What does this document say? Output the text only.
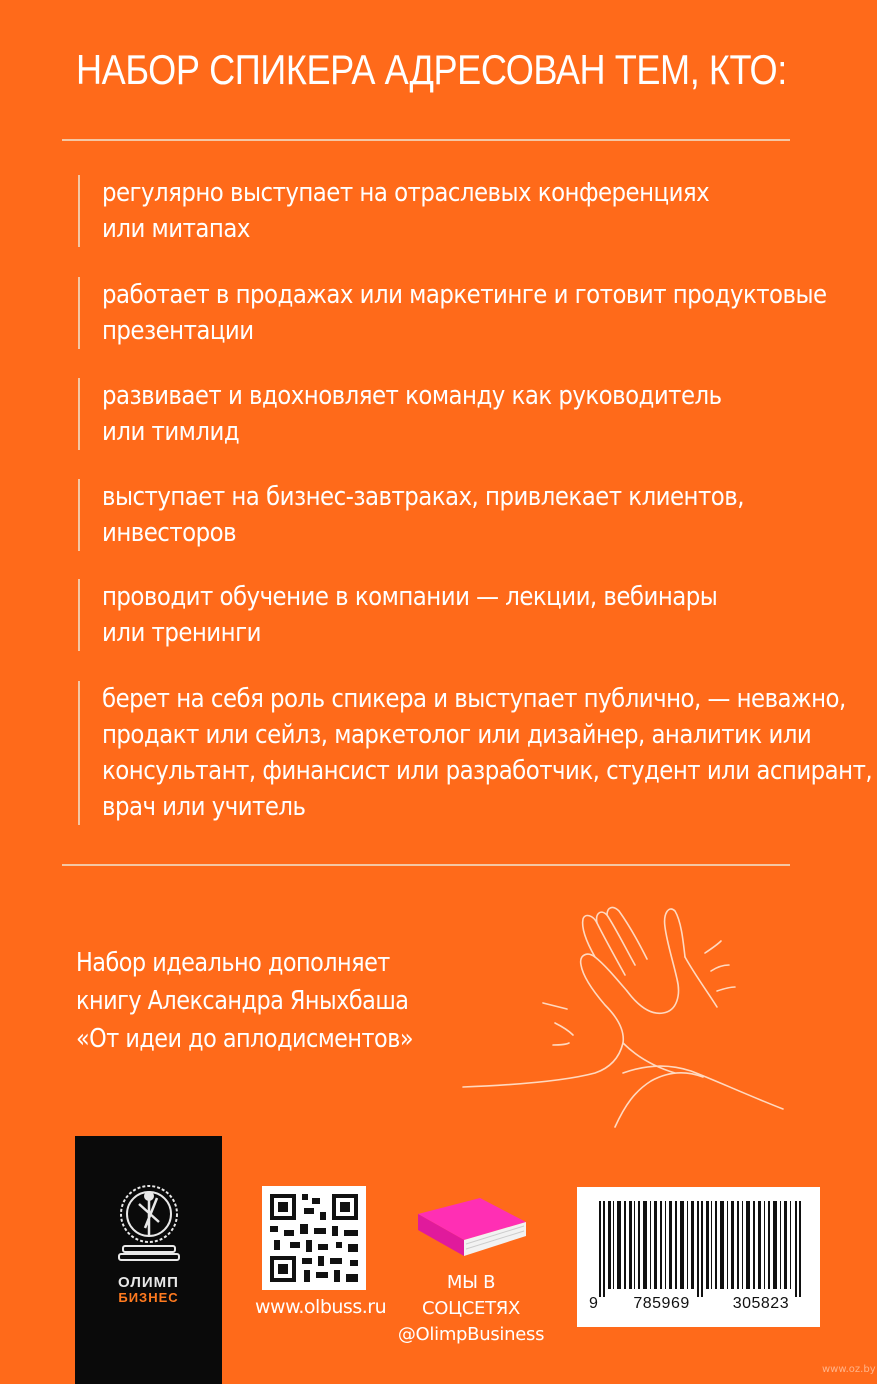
НАБОР СПИКЕРА АДРЕСОВАН ТЕМ, КТО:
регулярно выступает на отраслевых конференциях
или митапах
работает в продажах или маркетинге и готовит продуктовые
презентации
развивает и вдохновляет команду как руководитель
или тимлид
выступает на бизнес-завтраках, привлекает клиентов,
инвесторов
проводит обучение в компании — лекции, вебинары
или тренинги
берет на себя роль спикера и выступает публично, — неважно,
продакт или сейлз, маркетолог или дизайнер, аналитик или
консультант, финансист или разработчик, студент или аспирант,
врач или учитель
Набор идеально дополняет
книгу Александра Яныхбаша
«От идеи до аплодисментов»
ОЛИМП
БИЗНЕС	www.olbuss.ru
МЫ В СОЦСЕТЯХ
@OlimpBusiness
9 785969	305823
www.oz.by
